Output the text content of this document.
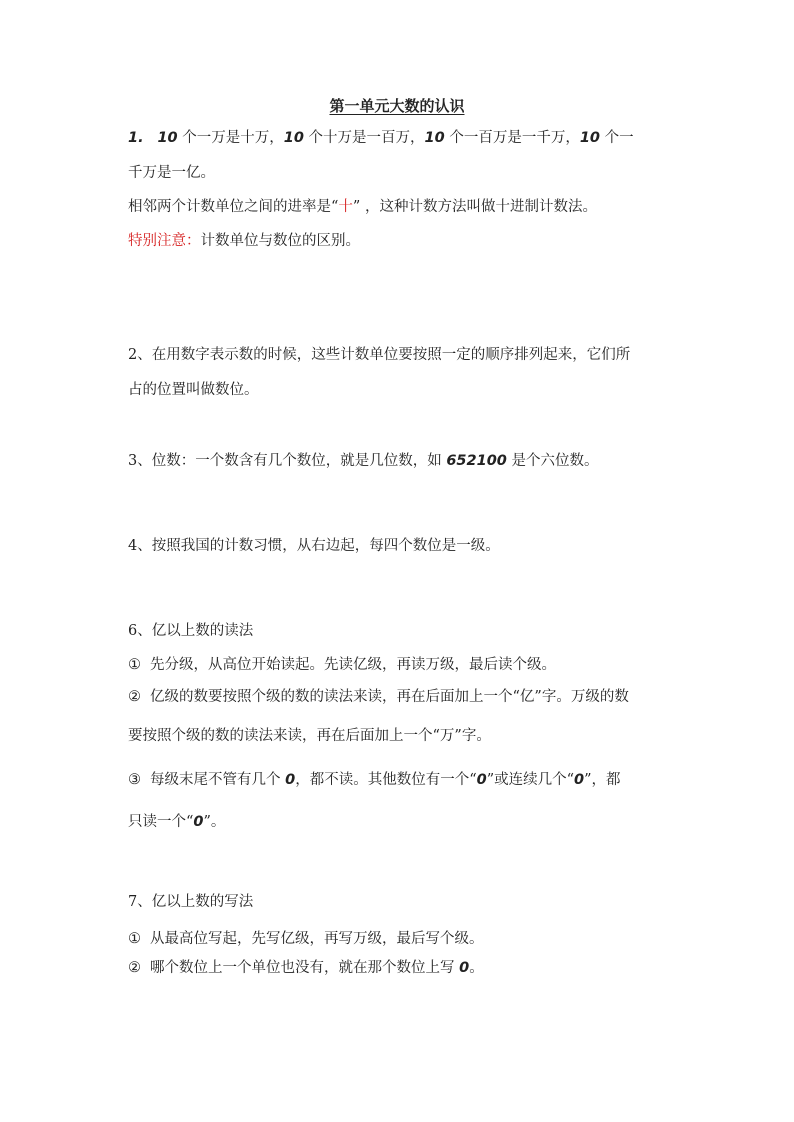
第一单元大数的认识
1. 10 个一万是十万，10 个十万是一百万，10 个一百万是一千万，10 个一
千万是一亿。
相邻两个计数单位之间的进率是“十” ，这种计数方法叫做十进制计数法。
特别注意：计数单位与数位的区别。
2、在用数字表示数的时候，这些计数单位要按照一定的顺序排列起来，它们所
占的位置叫做数位。
3、位数：一个数含有几个数位，就是几位数，如 652100 是个六位数。
4、按照我国的计数习惯，从右边起，每四个数位是一级。
6、亿以上数的读法
① 先分级，从高位开始读起。先读亿级，再读万级，最后读个级。
② 亿级的数要按照个级的数的读法来读，再在后面加上一个“亿”字。万级的数
要按照个级的数的读法来读，再在后面加上一个“万”字。
③ 每级末尾不管有几个 0，都不读。其他数位有一个“0”或连续几个“0”，都
只读一个“0”。
7、亿以上数的写法
① 从最高位写起，先写亿级，再写万级，最后写个级。
② 哪个数位上一个单位也没有，就在那个数位上写 0。
